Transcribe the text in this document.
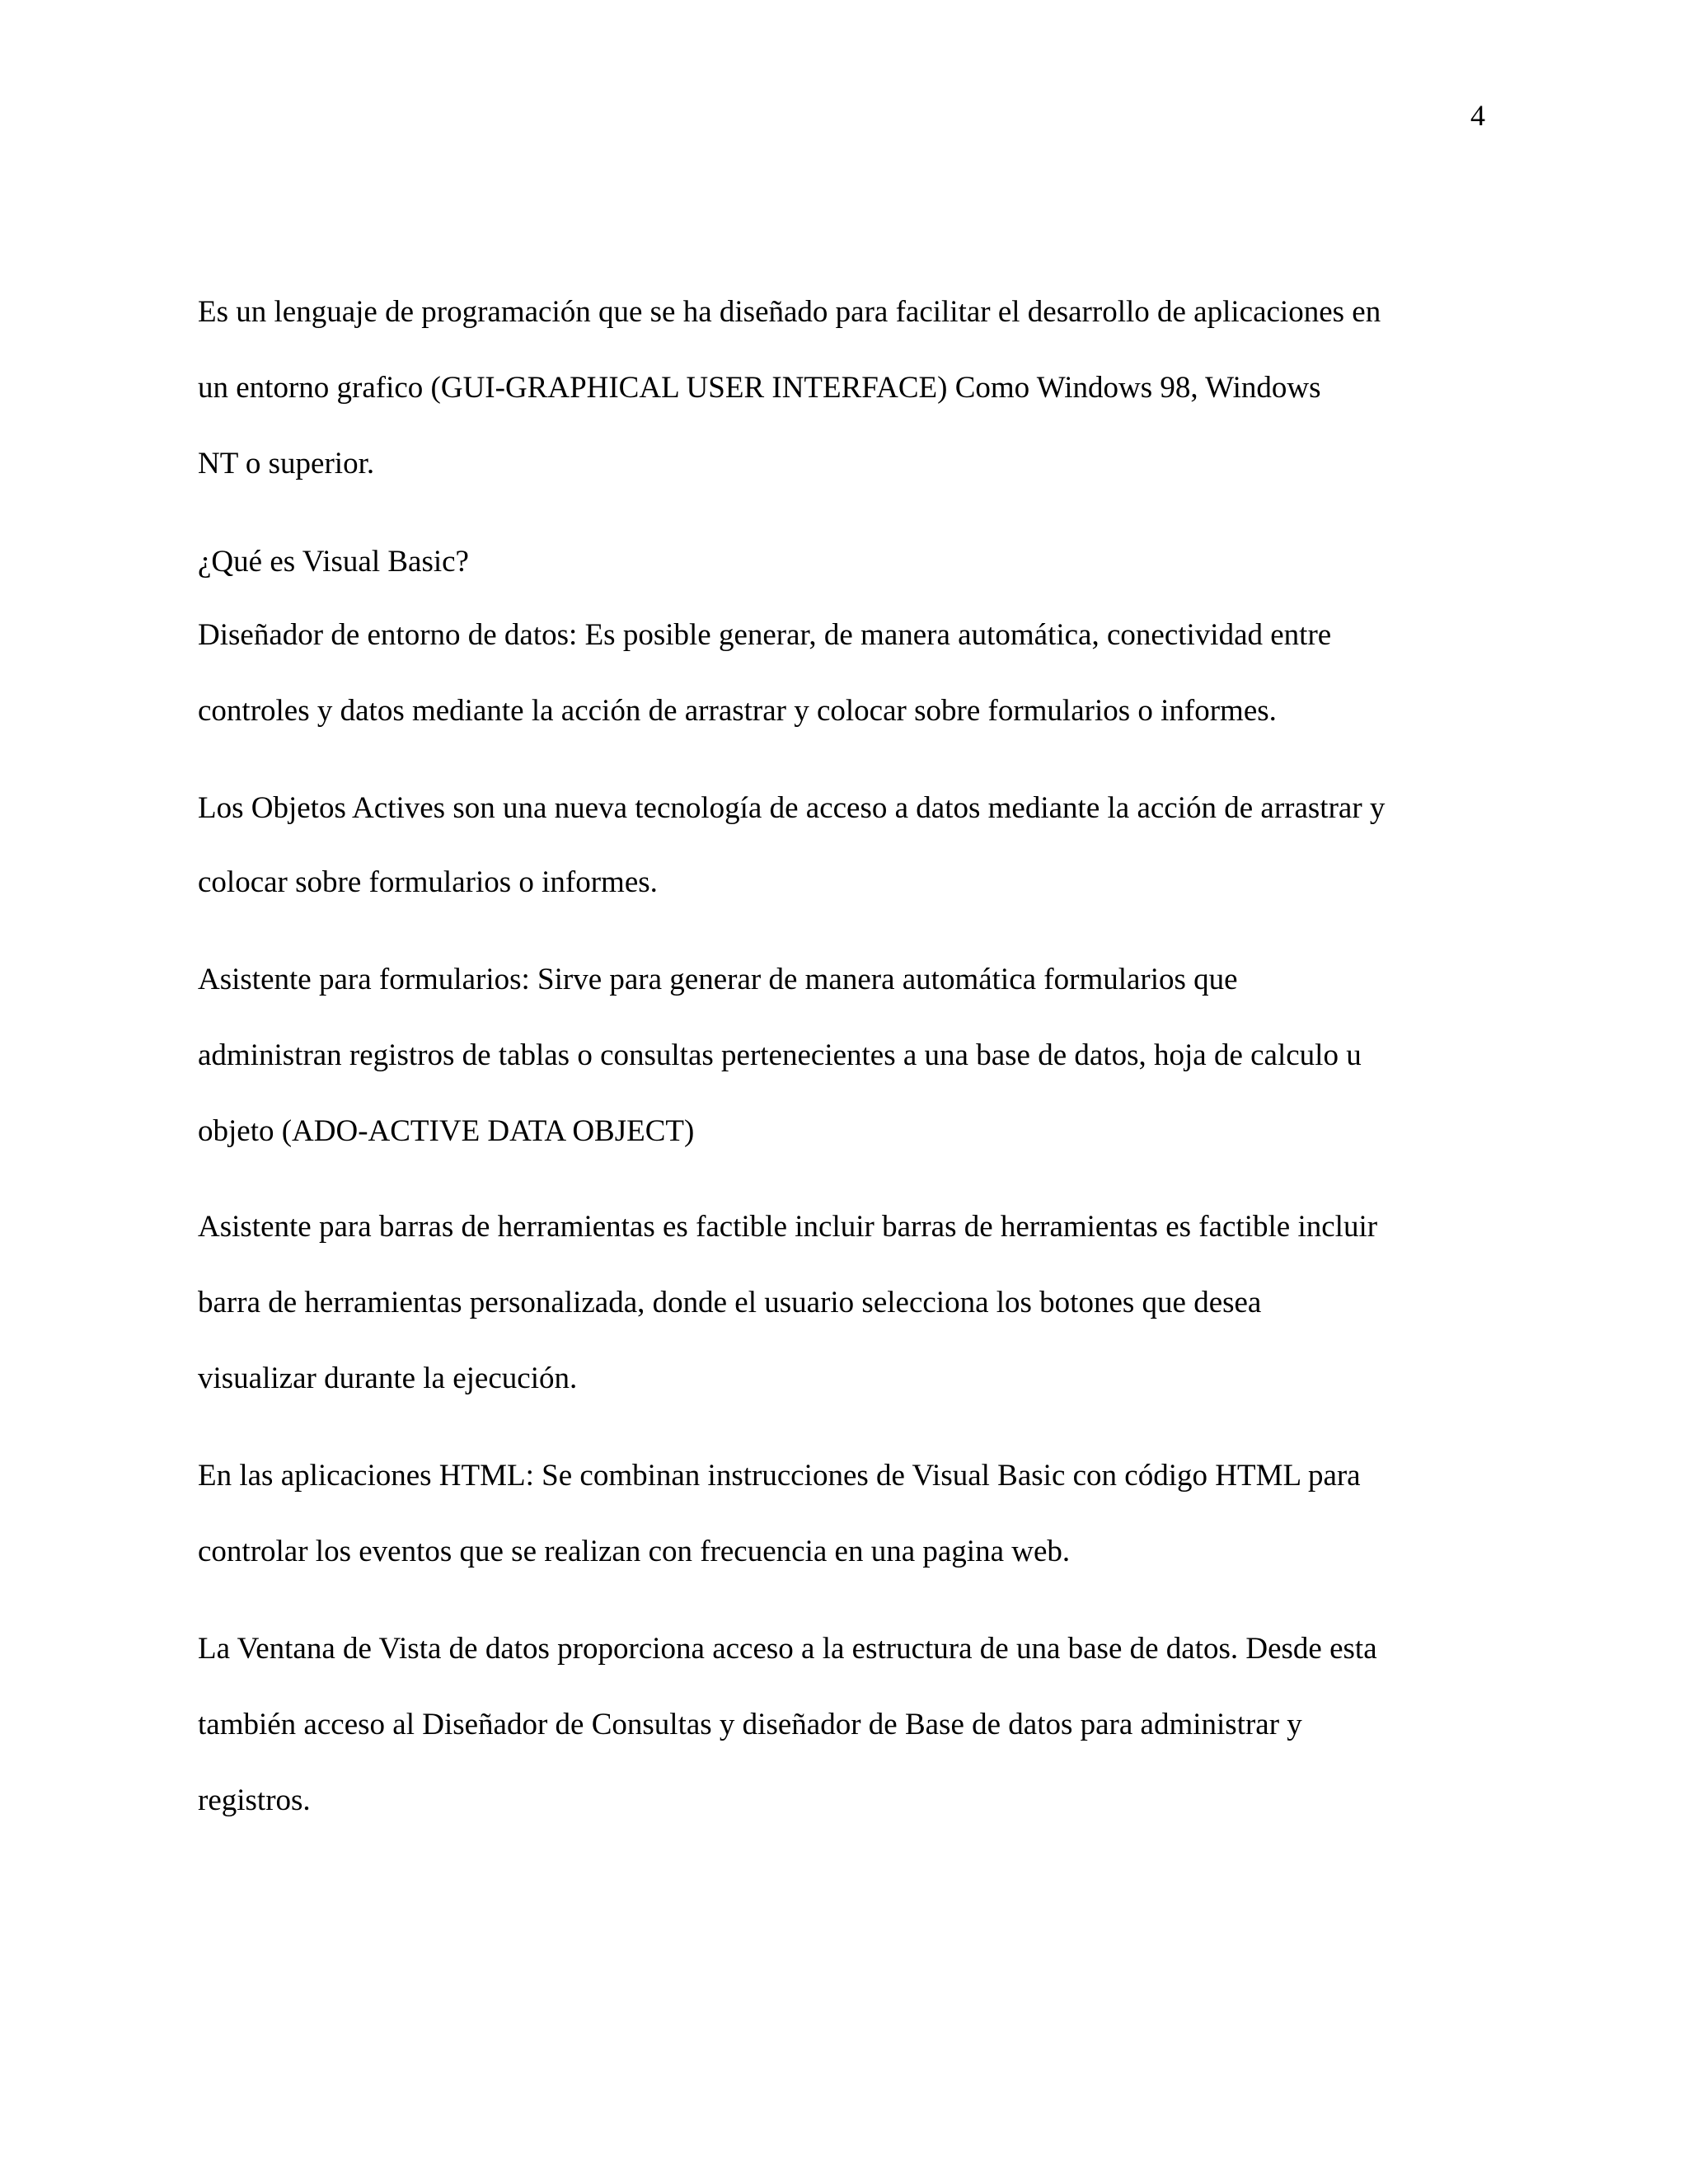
4
Es un lenguaje de programación que se ha diseñado para facilitar el desarrollo de aplicaciones en
un entorno grafico (GUI-GRAPHICAL USER INTERFACE) Como Windows 98, Windows
NT o superior.
¿Qué es Visual Basic?
Diseñador de entorno de datos: Es posible generar, de manera automática, conectividad entre
controles y datos mediante la acción de arrastrar y colocar sobre formularios o informes.
Los Objetos Actives son una nueva tecnología de acceso a datos mediante la acción de arrastrar y
colocar sobre formularios o informes.
Asistente para formularios: Sirve para generar de manera automática formularios que
administran registros de tablas o consultas pertenecientes a una base de datos, hoja de calculo u
objeto (ADO-ACTIVE DATA OBJECT)
Asistente para barras de herramientas es factible incluir barras de herramientas es factible incluir
barra de herramientas personalizada, donde el usuario selecciona los botones que desea
visualizar durante la ejecución.
En las aplicaciones HTML: Se combinan instrucciones de Visual Basic con código HTML para
controlar los eventos que se realizan con frecuencia en una pagina web.
La Ventana de Vista de datos proporciona acceso a la estructura de una base de datos. Desde esta
también acceso al Diseñador de Consultas y diseñador de Base de datos para administrar y
registros.
